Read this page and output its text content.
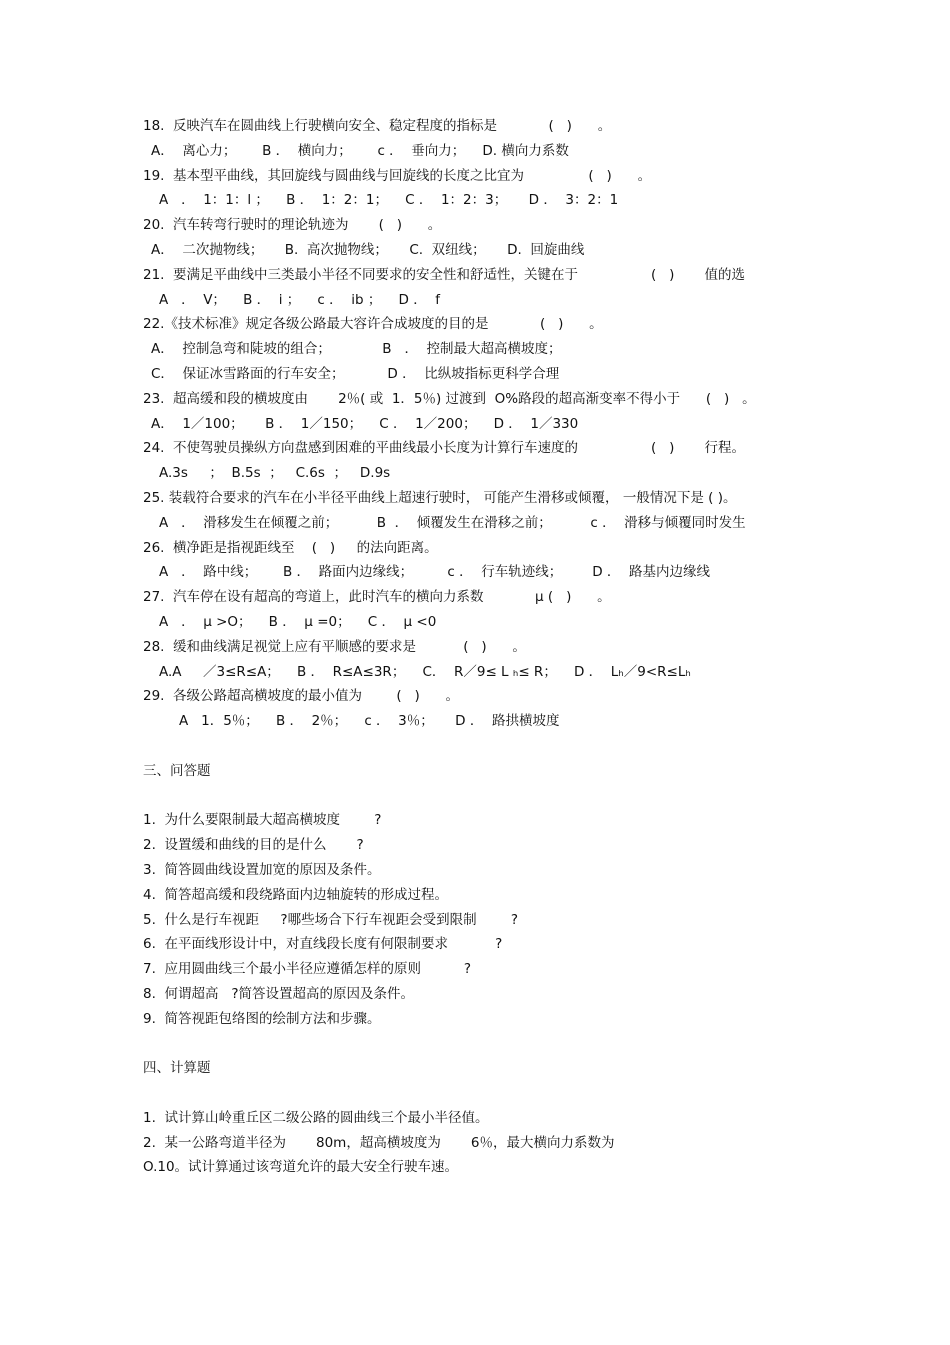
18.  反映汽车在圆曲线上行驶横向安全、稳定程度的指标是            (   )      。
A．  离心力；      B ．  横向力；      c ．  垂向力；    D. 横向力系数
19.  基本型平曲线，其回旋线与圆曲线与回旋线的长度之比宜为               (   )      。
A   ．  1：1：l ；    B ．  1：2：1；    C ．  1：2：3；     D ．  3：2：1
20.  汽车转弯行驶时的理论轨迹为       (   )      。
A．  二次抛物线；     B.  高次抛物线；     C.  双纽线；     D.  回旋曲线
21.  要满足平曲线中三类最小半径不同要求的安全性和舒适性，关键在于                 (   )       值的选
A   ．  V；    B ．  i ；    c ．  ib ；    D ．  f
22.《技术标准》规定各级公路最大容许合成坡度的目的是            (   )      。
A．  控制急弯和陡坡的组合；            B   ．  控制最大超高横坡度；
C．  保证冰雪路面的行车安全；          D ．  比纵坡指标更科学合理
23.  超高缓和段的横坡度由       2％( 或  1．5％) 过渡到  O%路段的超高渐变率不得小于      (   )   。
A．  1／100；     B ．  1／150；    C ．  1／200；    D ．  1／330
24.  不使驾驶员操纵方向盘感到困难的平曲线最小长度为计算行车速度的                 (   )       行程。
A.3s     ；  B.5s  ；   C.6s  ；   D.9s
25. 装载符合要求的汽车在小半径平曲线上超速行驶时， 可能产生滑移或倾覆， 一般情况下是 ( )。
A   ．  滑移发生在倾覆之前；         B  ．  倾覆发生在滑移之前；         c ．  滑移与倾覆同时发生
26.  横净距是指视距线至    (   )     的法向距离。
A   ．  路中线；      B ．  路面内边缘线；        c ．  行车轨迹线；       D ．  路基内边缘线
27.  汽车停在设有超高的弯道上，此时汽车的横向力系数            μ (   )      。
A   ．  μ >O；    B ．  μ =0；    C ．  μ <0
28.  缓和曲线满足视觉上应有平顺感的要求是           (   )      。
A.A     ／3≤R≤A；    B ．  R≤A≤3R；    C．  R／9≤ L ₕ≤ R；    D ．  Lₕ／9<R≤Lₕ
29.  各级公路超高横坡度的最小值为        (   )      。
A   1．5％；    B ．  2％；    c ．  3％；     D ．  路拱横坡度
三、问答题
1.  为什么要限制最大超高横坡度        ?
2.  设置缓和曲线的目的是什么       ?
3.  简答圆曲线设置加宽的原因及条件。
4.  简答超高缓和段绕路面内边轴旋转的形成过程。
5.  什么是行车视距     ?哪些场合下行车视距会受到限制        ?
6.  在平面线形设计中，对直线段长度有何限制要求           ?
7.  应用圆曲线三个最小半径应遵循怎样的原则          ?
8.  何谓超高   ?简答设置超高的原因及条件。
9.  简答视距包络图的绘制方法和步骤。
四、计算题
1.  试计算山岭重丘区二级公路的圆曲线三个最小半径值。
2.  某一公路弯道半径为       80m，超高横坡度为       6％，最大横向力系数为
O.10。试计算通过该弯道允许的最大安全行驶车速。
